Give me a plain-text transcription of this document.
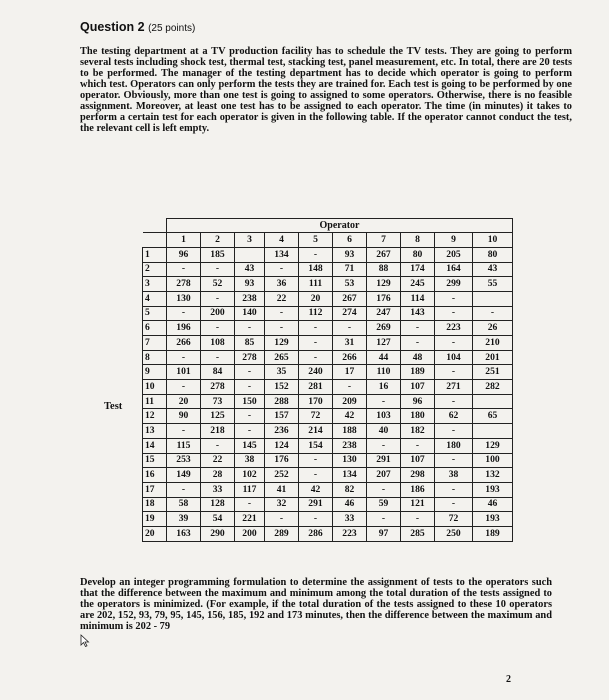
Question 2 (25 points)
The testing department at a TV production facility has to schedule the TV tests. They are going to perform several tests including shock test, thermal test, stacking test, panel measurement, etc. In total, there are 20 tests to be performed. The manager of the testing department has to decide which operator is going to perform which test. Operators can only perform the tests they are trained for. Each test is going to be performed by one operator. Obviously, more than one test is going to assigned to some operators. Otherwise, there is no feasible assignment. Moreover, at least one test has to be assigned to each operator. The time (in minutes) it takes to perform a certain test for each operator is given in the following table. If the operator cannot conduct the test, the relevant cell is left empty.
Test
	Operator									
	1	2	3	4	5	6	7	8	9	10
1	96	185		134	-	93	267	80	205	80
2	-	-	43	-	148	71	88	174	164	43
3	278	52	93	36	111	53	129	245	299	55
4	130	-	238	22	20	267	176	114	-	
5	-	200	140	-	112	274	247	143	-	-
6	196	-	-	-	-	-	269	-	223	26
7	266	108	85	129	-	31	127	-	-	210
8	-	-	278	265	-	266	44	48	104	201
9	101	84	-	35	240	17	110	189	-	251
10	-	278	-	152	281	-	16	107	271	282
11	20	73	150	288	170	209	-	96	-	
12	90	125	-	157	72	42	103	180	62	65
13	-	218	-	236	214	188	40	182	-	
14	115	-	145	124	154	238	-	-	180	129
15	253	22	38	176	-	130	291	107	-	100
16	149	28	102	252	-	134	207	298	38	132
17	-	33	117	41	42	82	-	186	-	193
18	58	128	-	32	291	46	59	121	-	46
19	39	54	221	-	-	33	-	-	72	193
20	163	290	200	289	286	223	97	285	250	189
Develop an integer programming formulation to determine the assignment of tests to the operators such that the difference between the maximum and minimum among the total duration of the tests assigned to the operators is minimized. (For example, if the total duration of the tests assigned to these 10 operators are 202, 152, 93, 79, 95, 145, 156, 185, 192 and 173 minutes, then the difference between the maximum and minimum is 202 - 79
2
